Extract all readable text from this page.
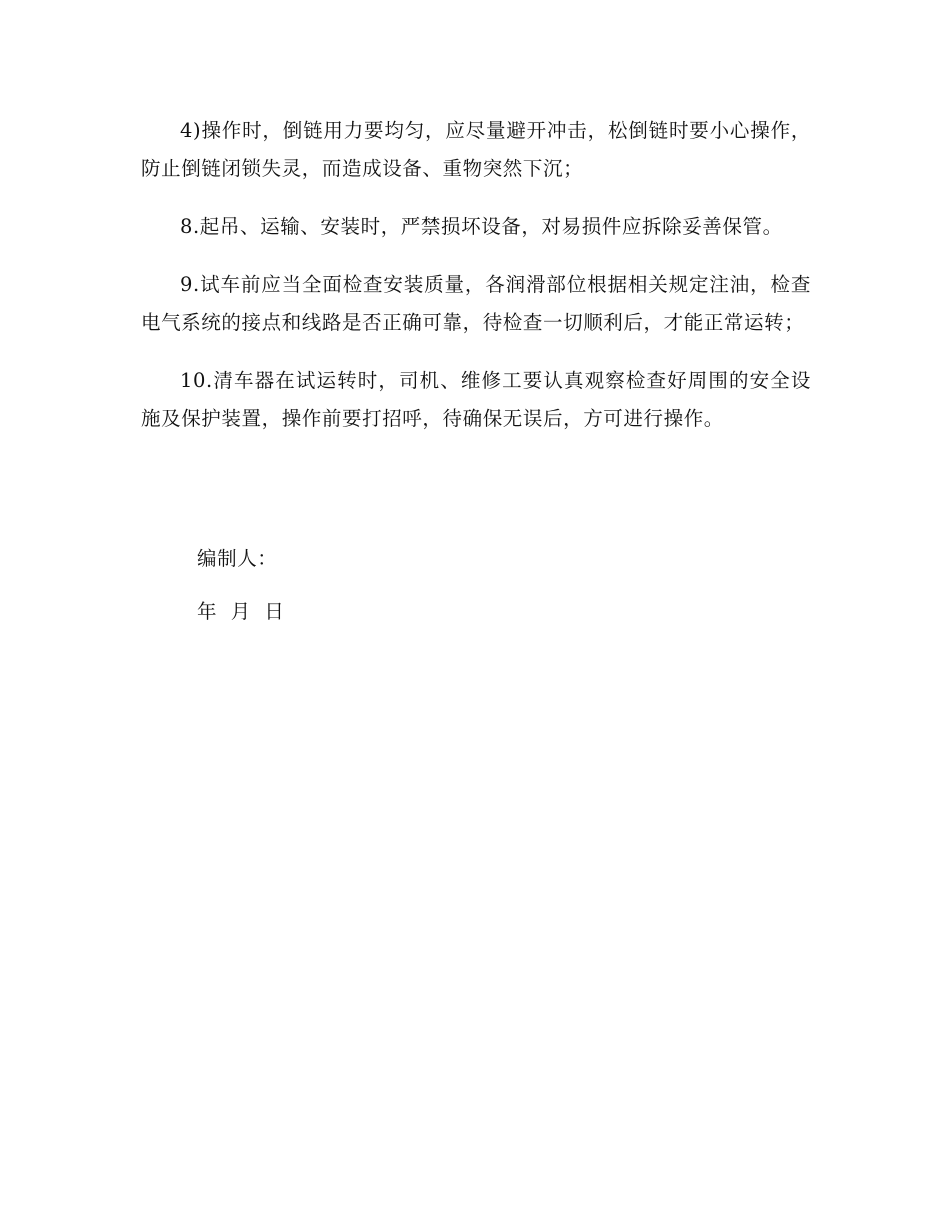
4)操作时，倒链用力要均匀，应尽量避开冲击，松倒链时要小心操作，防止倒链闭锁失灵，而造成设备、重物突然下沉；

8.起吊、运输、安装时，严禁损坏设备，对易损件应拆除妥善保管。

9.试车前应当全面检查安装质量，各润滑部位根据相关规定注油，检查电气系统的接点和线路是否正确可靠，待检查一切顺利后，才能正常运转；

10.清车器在试运转时，司机、维修工要认真观察检查好周围的安全设施及保护装置，操作前要打招呼，待确保无误后，方可进行操作。

编制人：
年  月  日
